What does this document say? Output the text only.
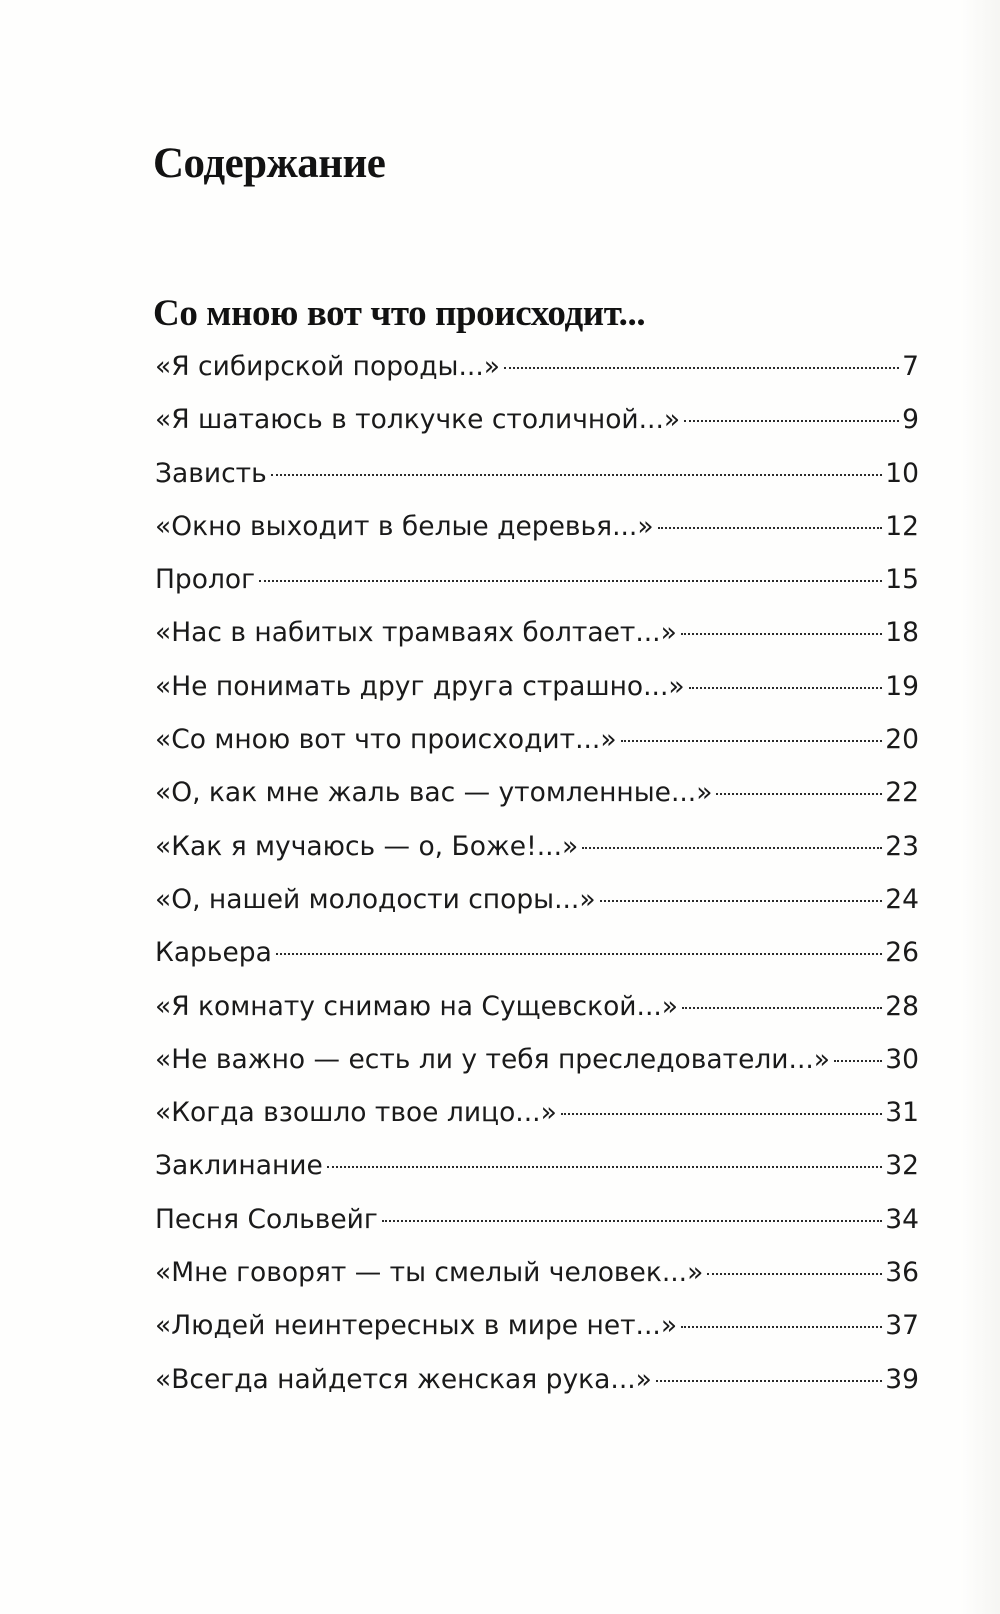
Содержание
Со мною вот что происходит...
«Я сибирской породы...»	7
«Я шатаюсь в толкучке столичной...»	9
Зависть	10
«Окно выходит в белые деревья...»	12
Пролог	15
«Нас в набитых трамваях болтает...»	18
«Не понимать друг друга страшно...»	19
«Со мною вот что происходит...»	20
«О, как мне жаль вас — утомленные...»	22
«Как я мучаюсь — о, Боже!...»	23
«О, нашей молодости споры...»	24
Карьера	26
«Я комнату снимаю на Сущевской...»	28
«Не важно — есть ли у тебя преследователи...» 30
«Когда взошло твое лицо...»	31
Заклинание	32
Песня Сольвейг	34
«Мне говорят — ты смелый человек...»	36
«Людей неинтересных в мире нет...»	37
«Всегда найдется женская рука...»	39
